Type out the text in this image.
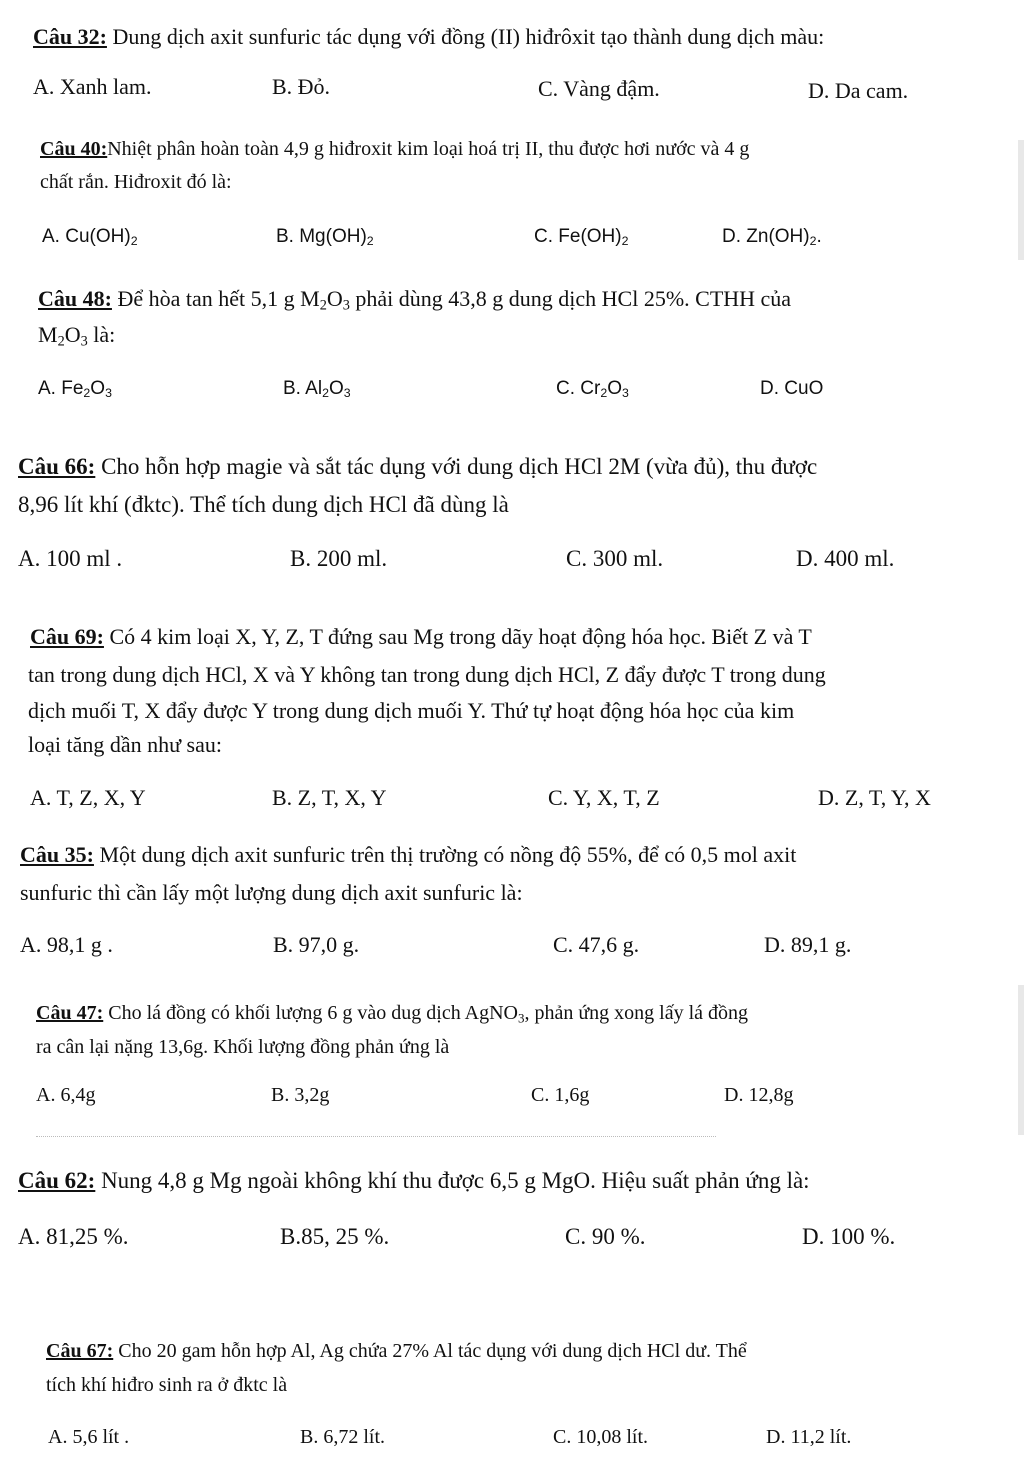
Câu 32: Dung dịch axit sunfuric tác dụng với đồng (II) hiđrôxit tạo thành dung dịch màu:
A. Xanh lam.	B. Đỏ.	C. Vàng đậm.	D. Da cam.
Câu 40:Nhiệt phân hoàn toàn 4,9 g hiđroxit kim loại hoá trị II, thu được hơi nước và 4 g
chất rắn. Hiđroxit đó là:
A. $Cu(OH)_2$	B. $Mg(OH)_2$	C. $Fe(OH)_2$	D. $Zn(OH)_2$.
Câu 48: Để hòa tan hết 5,1 g $M_2O_3$ phải dùng 43,8 g dung dịch HCl 25%. CTHH của
$M_2O_3$ là:
A. $Fe_2O_3$	B. $Al_2O_3$	C. $Cr_2O_3$	D. CuO
Câu 66: Cho hỗn hợp magie và sắt tác dụng với dung dịch HCl 2M (vừa đủ), thu được
8,96 lít khí (đktc). Thể tích dung dịch HCl đã dùng là
A. 100 ml .	B. 200 ml.	C. 300 ml.	D. 400 ml.
Câu 69: Có 4 kim loại X, Y, Z, T đứng sau Mg trong dãy hoạt động hóa học. Biết Z và T
tan trong dung dịch HCl, X và Y không tan trong dung dịch HCl, Z đẩy được T trong dung
dịch muối T, X đẩy được Y trong dung dịch muối Y. Thứ tự hoạt động hóa học của kim
loại tăng dần như sau:
A. T, Z, X, Y	B. Z, T, X, Y	C. Y, X, T, Z	D. Z, T, Y, X
Câu 35: Một dung dịch axit sunfuric trên thị trường có nồng độ 55%, để có 0,5 mol axit
sunfuric thì cần lấy một lượng dung dịch axit sunfuric là:
A. 98,1 g .	B. 97,0 g.	C. 47,6 g.	D. 89,1 g.
Câu 47: Cho lá đồng có khối lượng 6 g vào dug dịch AgNO$_3$, phản ứng xong lấy lá đồng
ra cân lại nặng 13,6g. Khối lượng đồng phản ứng là
A. 6,4g	B. 3,2g	C. 1,6g	D. 12,8g
Câu 62: Nung 4,8 g Mg ngoài không khí thu được 6,5 g MgO. Hiệu suất phản ứng là:
A. 81,25 %.	B.85, 25 %.	C. 90 %.	D. 100 %.
Câu 67: Cho 20 gam hỗn hợp Al, Ag chứa 27% Al tác dụng với dung dịch HCl dư. Thể
tích khí hiđro sinh ra ở đktc là
A. 5,6 lít .	B. 6,72 lít.	C. 10,08 lít.	D. 11,2 lít.
